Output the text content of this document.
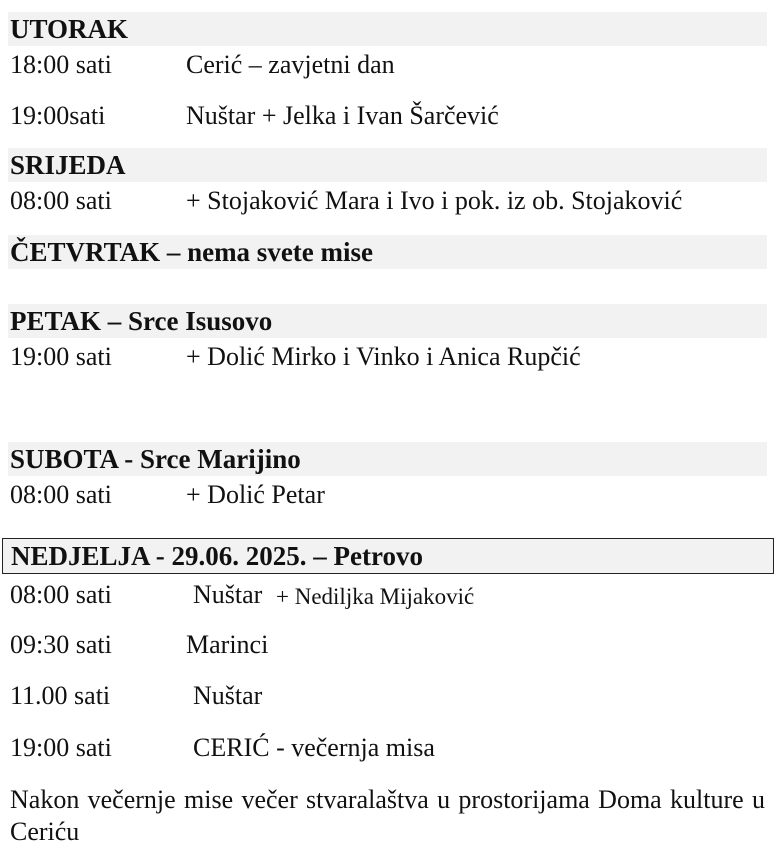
UTORAK
18:00 sati	Cerić – zavjetni dan
19:00sati	Nuštar + Jelka i Ivan Šarčević
SRIJEDA
08:00 sati	+ Stojaković Mara i Ivo i pok. iz ob. Stojaković
ČETVRTAK – nema svete mise
PETAK – Srce Isusovo
19:00 sati	+ Dolić Mirko i Vinko i Anica Rupčić
SUBOTA - Srce Marijino
08:00 sati	+ Dolić Petar
NEDJELJA - 29.06. 2025. – Petrovo
08:00 sati	Nuštar + Nediljka Mijaković
09:30 sati	Marinci
11.00 sati	Nuštar
19:00 sati	CERIĆ - večernja misa
Nakon večernje mise večer stvaralaštva u prostorijama Doma kulture u Ceriću
